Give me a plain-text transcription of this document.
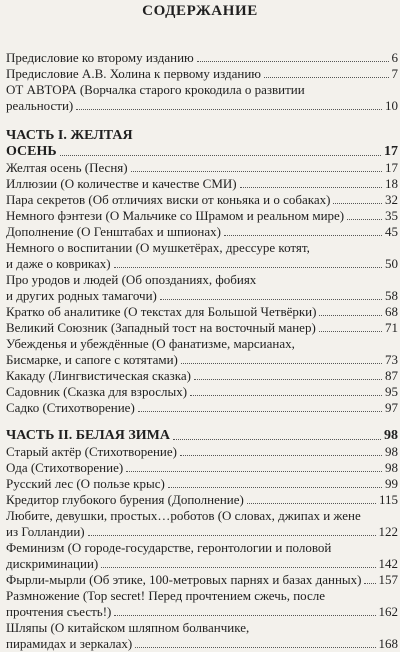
СОДЕРЖАНИЕ
Предисловие ко второму изданию	6
Предисловие А.В. Холина к первому изданию	7
ОТ АВТОРА (Ворчалка старого крокодила о развитии
реальности)	10
ЧАСТЬ I. ЖЕЛТАЯ
ОСЕНЬ	17
Желтая осень (Песня)	17
Иллюзии (О количестве и качестве СМИ)	18
Пара секретов (Об отличиях виски от коньяка и о собаках)	32
Немного фэнтези (О Мальчике со Шрамом и реальном мире)	35
Дополнение (О Генштабах и шпионах)	45
Немного о воспитании (О мушкетёрах, дрессуре котят,
и даже о ковриках)	50
Про уродов и людей (Об опозданиях, фобиях
и других родных тамагочи)	58
Кратко об аналитике (О текстах для Большой Четвёрки)	68
Великий Союзник (Западный тост на восточный манер)	71
Убежденья и убеждённые (О фанатизме, марсианах,
Бисмарке, и сапоге с котятами)	73
Какаду (Лингвистическая сказка)	87
Садовник (Сказка для взрослых)	95
Садко (Стихотворение)	97
ЧАСТЬ II. БЕЛАЯ ЗИМА	98
Старый актёр (Стихотворение)	98
Ода (Стихотворение)	98
Русский лес (О пользе крыс)	99
Кредитор глубокого бурения (Дополнение)	115
Любите, девушки, простых…роботов (О словах, джипах и жене
из Голландии)	122
Феминизм (О городе-государстве, геронтологии и половой
дискриминации)	142
Фырли-мырли (Об этике, 100-метровых парнях и базах данных) 157
Размножение (Top secret! Перед прочтением сжечь, после
прочтения съесть!)	162
Шляпы (О китайском шляпном болванчике,
пирамидах и зеркалах)	168
